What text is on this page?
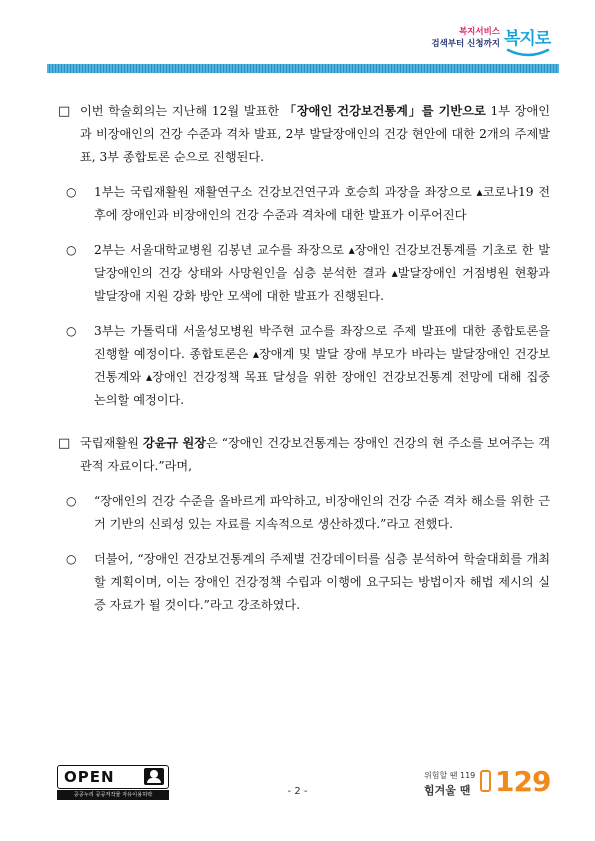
복지서비스
검색부터 신청까지 복지로

□ 이번 학술회의는 지난해 12월 발표한 「장애인 건강보건통계」를 기반으로 1부 장애인과 비장애인의 건강 수준과 격차 발표, 2부 발달장애인의 건강 현안에 대한 2개의 주제발표, 3부 종합토론 순으로 진행된다.

○ 1부는 국립재활원 재활연구소 건강보건연구과 호승희 과장을 좌장으로 ▴코로나19 전후에 장애인과 비장애인의 건강 수준과 격차에 대한 발표가 이루어진다

○ 2부는 서울대학교병원 김봉년 교수를 좌장으로 ▴장애인 건강보건통계를 기초로 한 발달장애인의 건강 상태와 사망원인을 심층 분석한 결과 ▴발달장애인 거점병원 현황과 발달장애 지원 강화 방안 모색에 대한 발표가 진행된다.

○ 3부는 가톨릭대 서울성모병원 박주현 교수를 좌장으로 주제 발표에 대한 종합토론을 진행할 예정이다. 종합토론은 ▴장애계 및 발달 장애 부모가 바라는 발달장애인 건강보건통계와 ▴장애인 건강정책 목표 달성을 위한 장애인 건강보건통계 전망에 대해 집중 논의할 예정이다.

□ 국립재활원 강윤규 원장은 “장애인 건강보건통계는 장애인 건강의 현 주소를 보여주는 객관적 자료이다.”라며,

○ “장애인의 건강 수준을 올바르게 파악하고, 비장애인의 건강 수준 격차 해소를 위한 근거 기반의 신뢰성 있는 자료를 지속적으로 생산하겠다.”라고 전했다.

○ 더불어, “장애인 건강보건통계의 주제별 건강데이터를 심층 분석하여 학술대회를 개최할 계획이며, 이는 장애인 건강정책 수립과 이행에 요구되는 방법이자 해법 제시의 실증 자료가 될 것이다.”라고 강조하였다.

OPEN
공공누리 공공저작물 자유이용허락	- 2 -
위험할 땐 119
힘겨울 땐 129
